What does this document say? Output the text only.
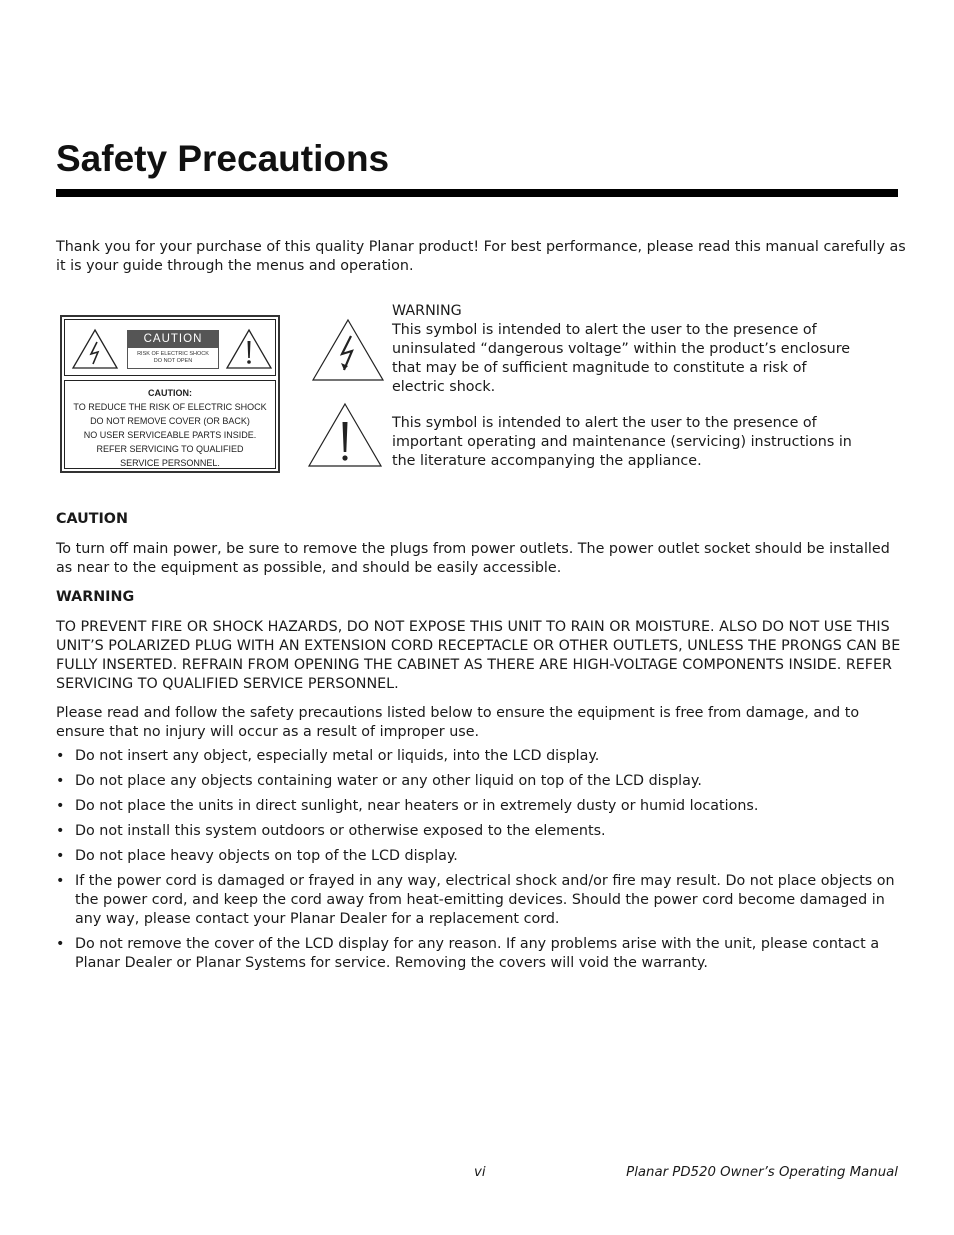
Safety Precautions

Thank you for your purchase of this quality Planar product! For best performance, please read this manual carefully as it is your guide through the menus and operation.

CAUTION
RISK OF ELECTRIC SHOCK
DO NOT OPEN
CAUTION:
TO REDUCE THE RISK OF ELECTRIC SHOCK
DO NOT REMOVE COVER (OR BACK)
NO USER SERVICEABLE PARTS INSIDE.
REFER SERVICING TO QUALIFIED
SERVICE PERSONNEL.
WARNING
This symbol is intended to alert the user to the presence of uninsulated “dangerous voltage” within the product’s enclosure that may be of sufficient magnitude to constitute a risk of electric shock.
This symbol is intended to alert the user to the presence of important operating and maintenance (servicing) instructions in the literature accompanying the appliance.

CAUTION

To turn off main power, be sure to remove the plugs from power outlets. The power outlet socket should be installed as near to the equipment as possible, and should be easily accessible.

WARNING

TO PREVENT FIRE OR SHOCK HAZARDS, DO NOT EXPOSE THIS UNIT TO RAIN OR MOISTURE. ALSO DO NOT USE THIS UNIT’S POLARIZED PLUG WITH AN EXTENSION CORD RECEPTACLE OR OTHER OUTLETS, UNLESS THE PRONGS CAN BE FULLY INSERTED. REFRAIN FROM OPENING THE CABINET AS THERE ARE HIGH-VOLTAGE COMPONENTS INSIDE. REFER SERVICING TO QUALIFIED SERVICE PERSONNEL.

Please read and follow the safety precautions listed below to ensure the equipment is free from damage, and to ensure that no injury will occur as a result of improper use.

• Do not insert any object, especially metal or liquids, into the LCD display.
• Do not place any objects containing water or any other liquid on top of the LCD display.
• Do not place the units in direct sunlight, near heaters or in extremely dusty or humid locations.
• Do not install this system outdoors or otherwise exposed to the elements.
• Do not place heavy objects on top of the LCD display.
• If the power cord is damaged or frayed in any way, electrical shock and/or fire may result. Do not place objects on the power cord, and keep the cord away from heat-emitting devices. Should the power cord become damaged in any way, please contact your Planar Dealer for a replacement cord.
• Do not remove the cover of the LCD display for any reason. If any problems arise with the unit, please contact a Planar Dealer or Planar Systems for service. Removing the covers will void the warranty.
vi	Planar PD520 Owner’s Operating Manual
